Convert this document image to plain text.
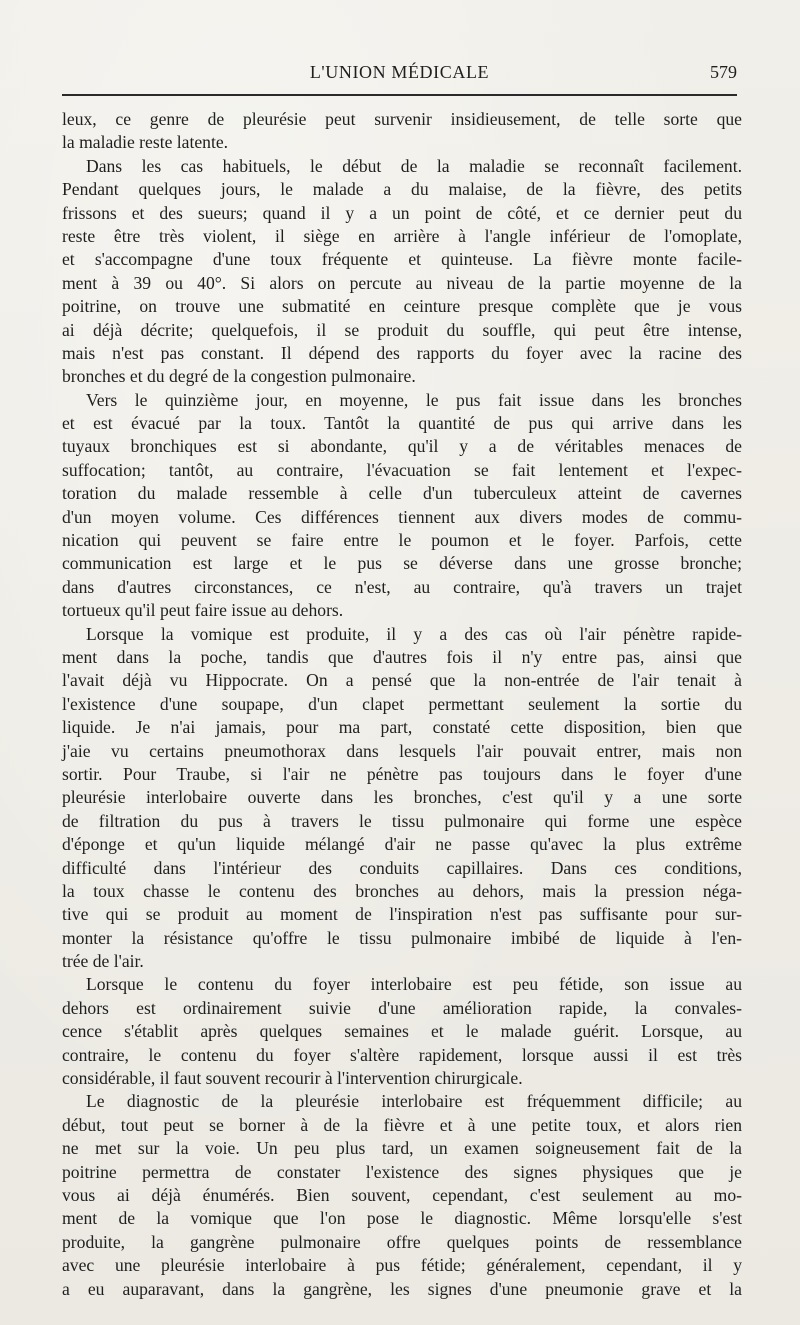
L'UNION MÉDICALE	579
leux, ce genre de pleurésie peut survenir insidieusement, de telle sorte que
la maladie reste latente.
Dans les cas habituels, le début de la maladie se reconnaît facilement.
Pendant quelques jours, le malade a du malaise, de la fièvre, des petits
frissons et des sueurs; quand il y a un point de côté, et ce dernier peut du
reste être très violent, il siège en arrière à l'angle inférieur de l'omoplate,
et s'accompagne d'une toux fréquente et quinteuse. La fièvre monte facile-
ment à 39 ou 40°. Si alors on percute au niveau de la partie moyenne de la
poitrine, on trouve une submatité en ceinture presque complète que je vous
ai déjà décrite; quelquefois, il se produit du souffle, qui peut être intense,
mais n'est pas constant. Il dépend des rapports du foyer avec la racine des
bronches et du degré de la congestion pulmonaire.
Vers le quinzième jour, en moyenne, le pus fait issue dans les bronches
et est évacué par la toux. Tantôt la quantité de pus qui arrive dans les
tuyaux bronchiques est si abondante, qu'il y a de véritables menaces de
suffocation; tantôt, au contraire, l'évacuation se fait lentement et l'expec-
toration du malade ressemble à celle d'un tuberculeux atteint de cavernes
d'un moyen volume. Ces différences tiennent aux divers modes de commu-
nication qui peuvent se faire entre le poumon et le foyer. Parfois, cette
communication est large et le pus se déverse dans une grosse bronche;
dans d'autres circonstances, ce n'est, au contraire, qu'à travers un trajet
tortueux qu'il peut faire issue au dehors.
Lorsque la vomique est produite, il y a des cas où l'air pénètre rapide-
ment dans la poche, tandis que d'autres fois il n'y entre pas, ainsi que
l'avait déjà vu Hippocrate. On a pensé que la non-entrée de l'air tenait à
l'existence d'une soupape, d'un clapet permettant seulement la sortie du
liquide. Je n'ai jamais, pour ma part, constaté cette disposition, bien que
j'aie vu certains pneumothorax dans lesquels l'air pouvait entrer, mais non
sortir. Pour Traube, si l'air ne pénètre pas toujours dans le foyer d'une
pleurésie interlobaire ouverte dans les bronches, c'est qu'il y a une sorte
de filtration du pus à travers le tissu pulmonaire qui forme une espèce
d'éponge et qu'un liquide mélangé d'air ne passe qu'avec la plus extrême
difficulté dans l'intérieur des conduits capillaires. Dans ces conditions,
la toux chasse le contenu des bronches au dehors, mais la pression néga-
tive qui se produit au moment de l'inspiration n'est pas suffisante pour sur-
monter la résistance qu'offre le tissu pulmonaire imbibé de liquide à l'en-
trée de l'air.
Lorsque le contenu du foyer interlobaire est peu fétide, son issue au
dehors est ordinairement suivie d'une amélioration rapide, la convales-
cence s'établit après quelques semaines et le malade guérit. Lorsque, au
contraire, le contenu du foyer s'altère rapidement, lorsque aussi il est très
considérable, il faut souvent recourir à l'intervention chirurgicale.
Le diagnostic de la pleurésie interlobaire est fréquemment difficile; au
début, tout peut se borner à de la fièvre et à une petite toux, et alors rien
ne met sur la voie. Un peu plus tard, un examen soigneusement fait de la
poitrine permettra de constater l'existence des signes physiques que je
vous ai déjà énumérés. Bien souvent, cependant, c'est seulement au mo-
ment de la vomique que l'on pose le diagnostic. Même lorsqu'elle s'est
produite, la gangrène pulmonaire offre quelques points de ressemblance
avec une pleurésie interlobaire à pus fétide; généralement, cependant, il y
a eu auparavant, dans la gangrène, les signes d'une pneumonie grave et la
